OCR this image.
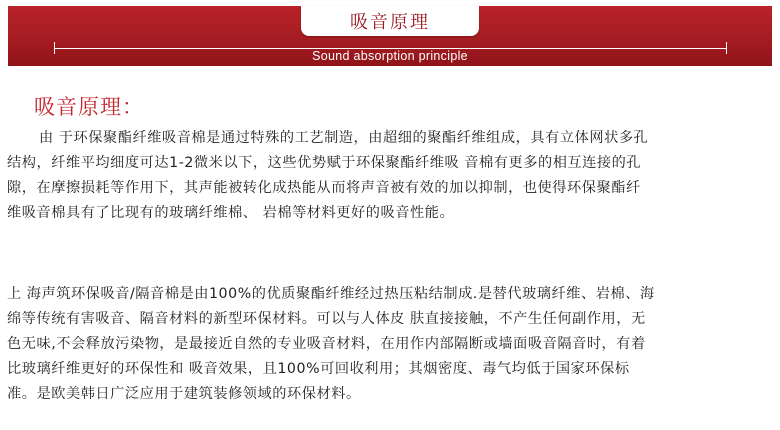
吸音原理
Sound absorption principle
吸音原理：
由 于环保聚酯纤维吸音棉是通过特殊的工艺制造，由超细的聚酯纤维组成，具有立体网状多孔
结构，纤维平均细度可达1-2微米以下，这些优势赋于环保聚酯纤维吸 音棉有更多的相互连接的孔
隙，在摩擦损耗等作用下，其声能被转化成热能从而将声音被有效的加以抑制，也使得环保聚酯纤
维吸音棉具有了比现有的玻璃纤维棉、 岩棉等材料更好的吸音性能。
上 海声筑环保吸音/隔音棉是由100%的优质聚酯纤维经过热压粘结制成.是替代玻璃纤维、岩棉、海
绵等传统有害吸音、隔音材料的新型环保材料。可以与人体皮 肤直接接触，不产生任何副作用，无
色无味,不会释放污染物，是最接近自然的专业吸音材料，在用作内部隔断或墙面吸音隔音时，有着
比玻璃纤维更好的环保性和 吸音效果，且100%可回收利用；其烟密度、毒气均低于国家环保标
准。是欧美韩日广泛应用于建筑装修领域的环保材料。
